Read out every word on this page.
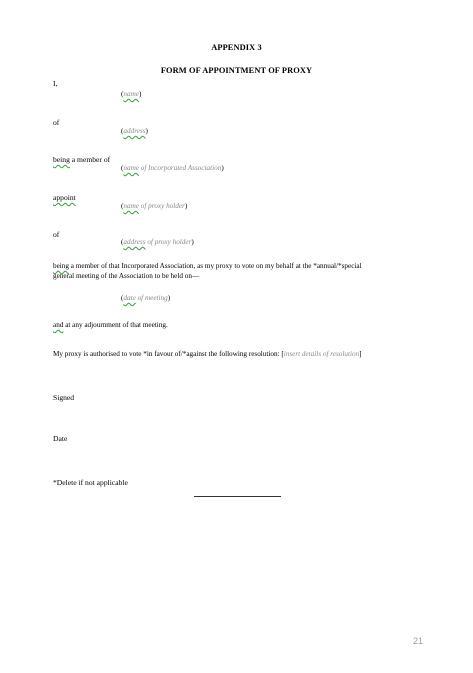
APPENDIX 3
FORM OF APPOINTMENT OF PROXY
I,
(name)
of
(address)
being a member of
(name of Incorporated Association)
appoint
(name of proxy holder)
of
(address of proxy holder)
being a member of that Incorporated Association, as my proxy to vote on my behalf at the *annual/*special
general meeting of the Association to be held on—
(date of meeting)
and at any adjournment of that meeting.
My proxy is authorised to vote *in favour of/*against the following resolution: [insert details of resolution]
Signed
Date
*Delete if not applicable
21
